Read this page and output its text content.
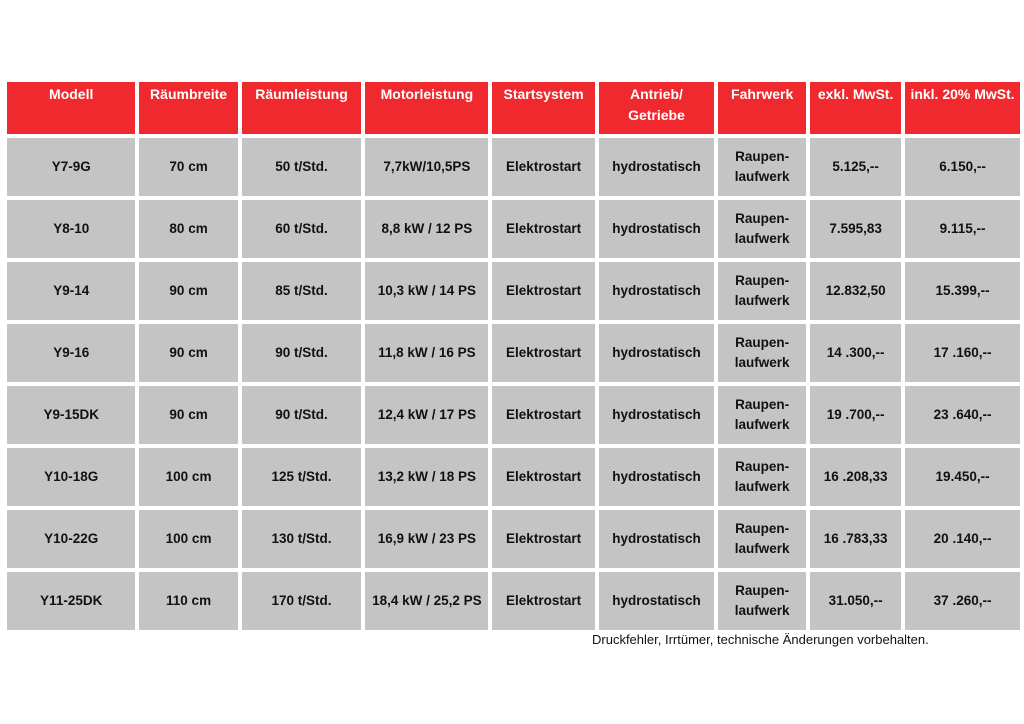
Modell	Räumbreite	Räumleistung	Motorleistung	Startsystem	Antrieb/ Getriebe	Fahrwerk	exkl. MwSt.	inkl. 20% MwSt.
Y7-9G	70 cm	50 t/Std.	7,7kW/10,5PS	Elektrostart	hydrostatisch	Raupen- laufwerk	5.125,--	6.150,--
Y8-10	80 cm	60 t/Std.	8,8 kW / 12 PS	Elektrostart	hydrostatisch	Raupen- laufwerk	7.595,83	9.115,--
Y9-14	90 cm	85 t/Std.	10,3 kW / 14 PS	Elektrostart	hydrostatisch	Raupen- laufwerk	12.832,50	15.399,--
Y9-16	90 cm	90 t/Std.	11,8 kW / 16 PS	Elektrostart	hydrostatisch	Raupen- laufwerk	14 .300,--	17 .160,--
Y9-15DK	90 cm	90 t/Std.	12,4 kW / 17 PS	Elektrostart	hydrostatisch	Raupen- laufwerk	19 .700,--	23 .640,--
Y10-18G	100 cm	125 t/Std.	13,2 kW / 18 PS	Elektrostart	hydrostatisch	Raupen- laufwerk	16 .208,33	19.450,--
Y10-22G	100 cm	130 t/Std.	16,9 kW / 23 PS	Elektrostart	hydrostatisch	Raupen- laufwerk	16 .783,33	20 .140,--
Y11-25DK	110 cm	170 t/Std.	18,4 kW / 25,2 PS	Elektrostart	hydrostatisch	Raupen- laufwerk	31.050,--	37 .260,--
Druckfehler, Irrtümer, technische Änderungen vorbehalten.
